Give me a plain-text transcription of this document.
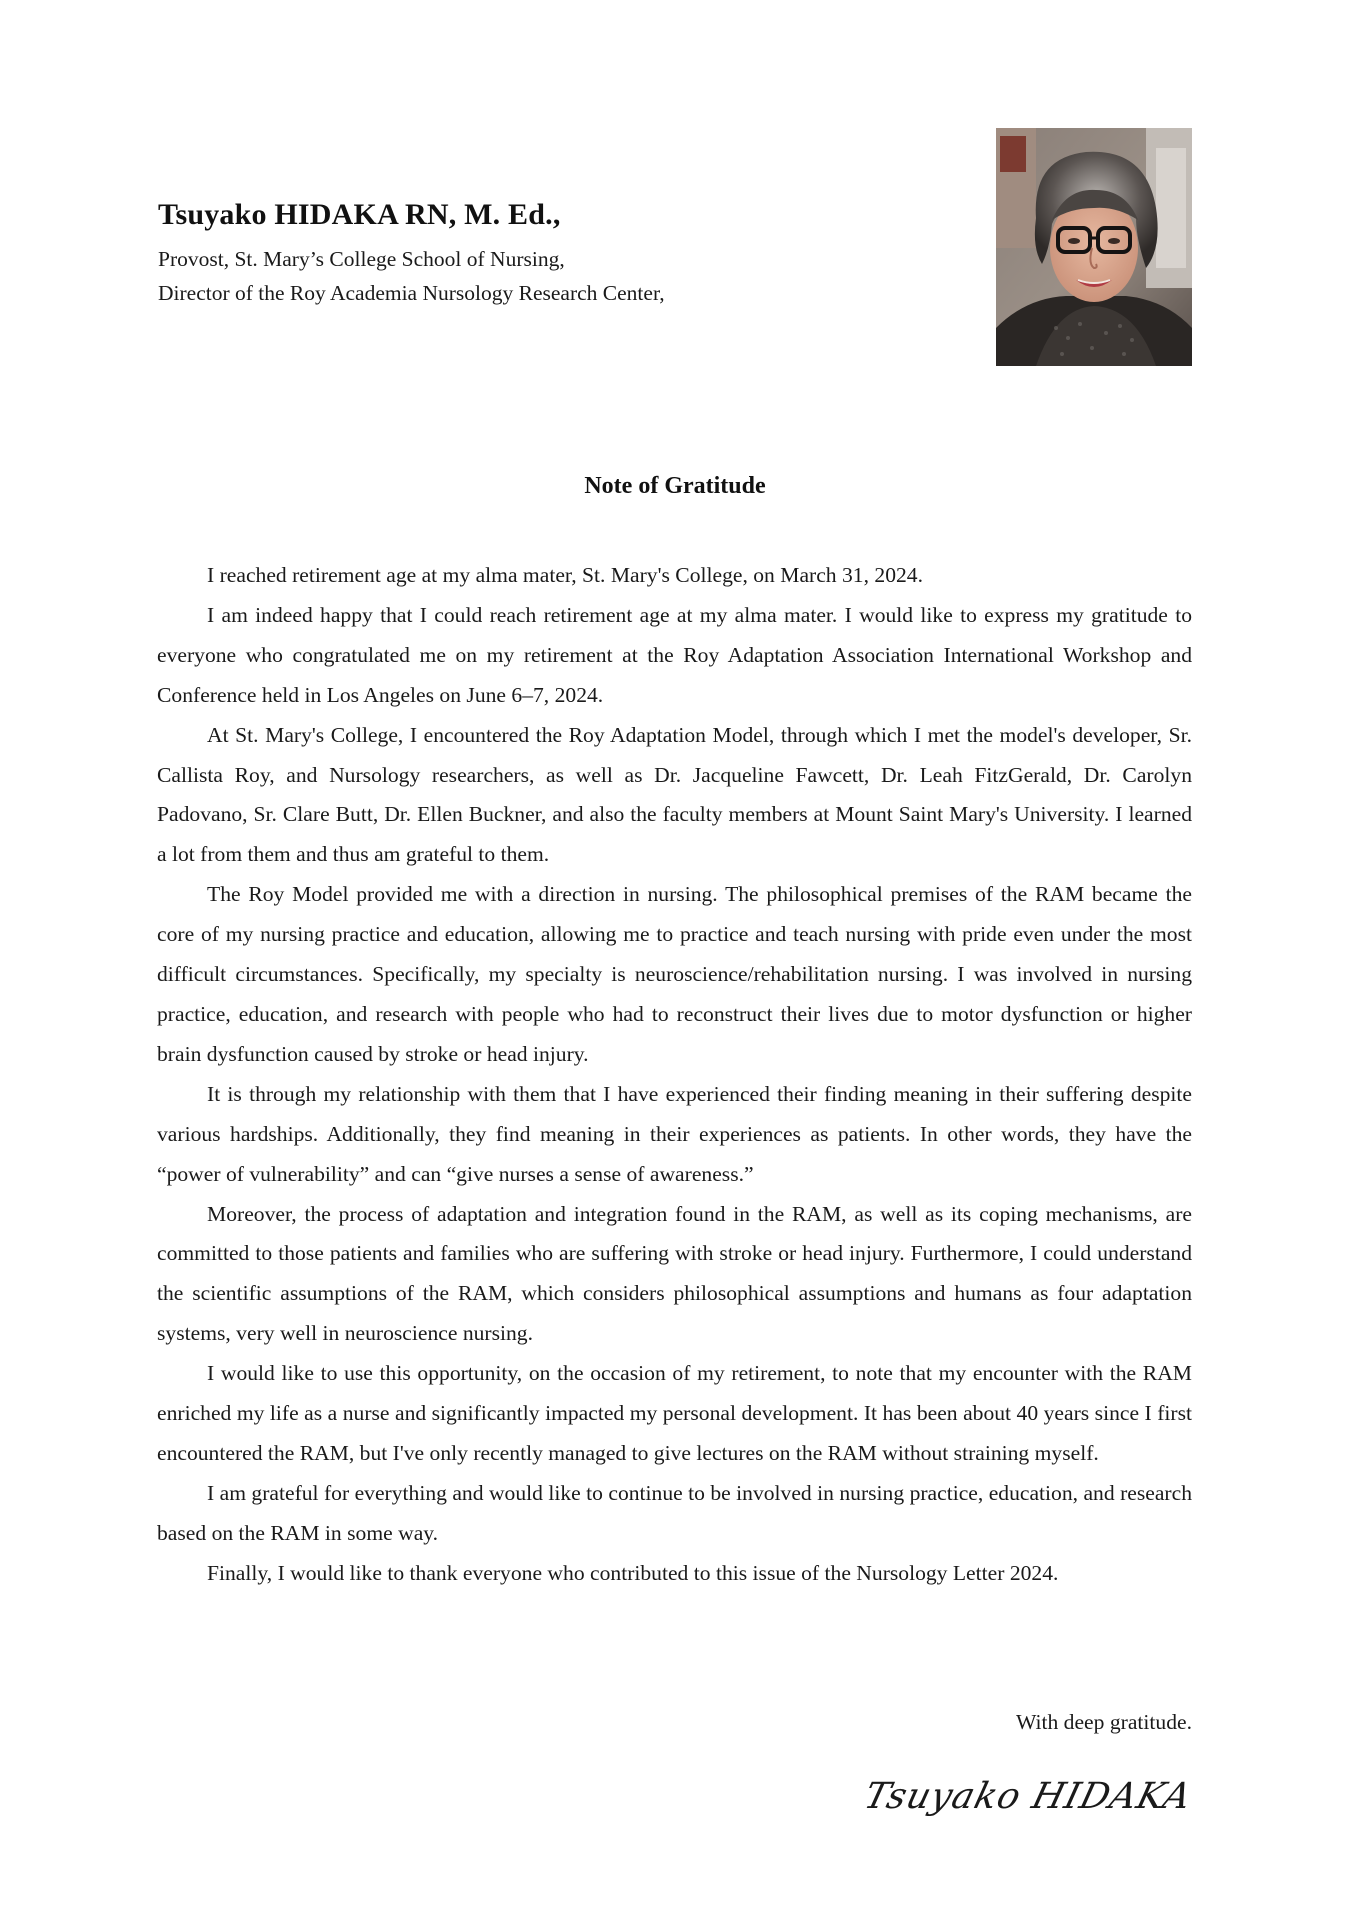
Tsuyako HIDAKA RN, M. Ed.,

Provost, St. Mary’s College School of Nursing,

Director of the Roy Academia Nursology Research Center,

Note of Gratitude

I reached retirement age at my alma mater, St. Mary's College, on March 31, 2024.

I am indeed happy that I could reach retirement age at my alma mater. I would like to express my gratitude to everyone who congratulated me on my retirement at the Roy Adaptation Association International Workshop and Conference held in Los Angeles on June 6–7, 2024.

At St. Mary's College, I encountered the Roy Adaptation Model, through which I met the model's developer, Sr. Callista Roy, and Nursology researchers, as well as Dr. Jacqueline Fawcett, Dr. Leah FitzGerald, Dr. Carolyn Padovano, Sr. Clare Butt, Dr. Ellen Buckner, and also the faculty members at Mount Saint Mary's University. I learned a lot from them and thus am grateful to them.

The Roy Model provided me with a direction in nursing. The philosophical premises of the RAM became the core of my nursing practice and education, allowing me to practice and teach nursing with pride even under the most difficult circumstances. Specifically, my specialty is neuroscience/rehabilitation nursing. I was involved in nursing practice, education, and research with people who had to reconstruct their lives due to motor dysfunction or higher brain dysfunction caused by stroke or head injury.

It is through my relationship with them that I have experienced their finding meaning in their suffering despite various hardships. Additionally, they find meaning in their experiences as patients. In other words, they have the “power of vulnerability” and can “give nurses a sense of awareness.”

Moreover, the process of adaptation and integration found in the RAM, as well as its coping mechanisms, are committed to those patients and families who are suffering with stroke or head injury. Furthermore, I could understand the scientific assumptions of the RAM, which considers philosophical assumptions and humans as four adaptation systems, very well in neuroscience nursing.

I would like to use this opportunity, on the occasion of my retirement, to note that my encounter with the RAM enriched my life as a nurse and significantly impacted my personal development. It has been about 40 years since I first encountered the RAM, but I've only recently managed to give lectures on the RAM without straining myself.

I am grateful for everything and would like to continue to be involved in nursing practice, education, and research based on the RAM in some way.

Finally, I would like to thank everyone who contributed to this issue of the Nursology Letter 2024.

With deep gratitude.

Tsuyako HIDAKA
